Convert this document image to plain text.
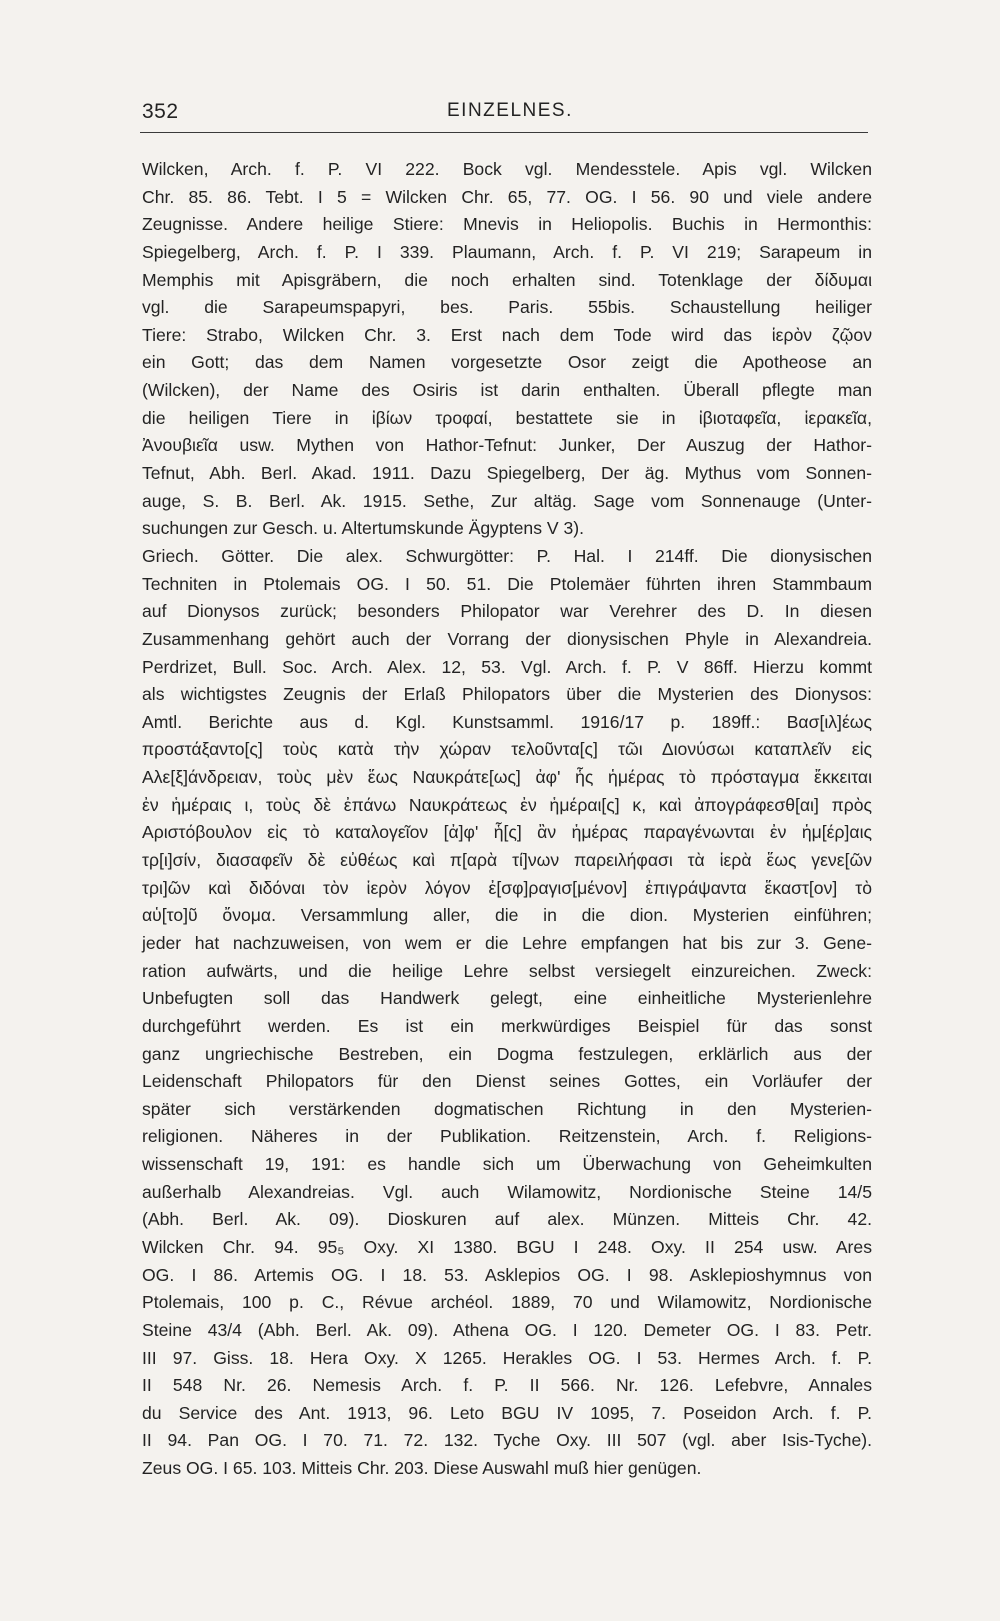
352	EINZELNES.
Wilcken, Arch. f. P. VI 222. Bock vgl. Mendesstele. Apis vgl. Wilcken
Chr. 85. 86. Tebt. I 5 = Wilcken Chr. 65, 77. OG. I 56. 90 und viele andere
Zeugnisse. Andere heilige Stiere: Mnevis in Heliopolis. Buchis in Hermonthis:
Spiegelberg, Arch. f. P. I 339. Plaumann, Arch. f. P. VI 219; Sarapeum in
Memphis mit Apisgräbern, die noch erhalten sind. Totenklage der δίδυμαι
vgl. die Sarapeumspapyri, bes. Paris. 55bis. Schaustellung heiliger
Tiere: Strabo, Wilcken Chr. 3. Erst nach dem Tode wird das ἱερὸν ζῷον
ein Gott; das dem Namen vorgesetzte Osor zeigt die Apotheose an
(Wilcken), der Name des Osiris ist darin enthalten. Überall pflegte man
die heiligen Tiere in ἰβίων τροφαί, bestattete sie in ἰβιοταφεῖα, ἱερακεῖα,
Ἀνουβιεῖα usw. Mythen von Hathor-Tefnut: Junker, Der Auszug der Hathor-
Tefnut, Abh. Berl. Akad. 1911. Dazu Spiegelberg, Der äg. Mythus vom Sonnen-
auge, S. B. Berl. Ak. 1915. Sethe, Zur altäg. Sage vom Sonnenauge (Unter-
suchungen zur Gesch. u. Altertumskunde Ägyptens V 3).
Griech. Götter. Die alex. Schwurgötter: P. Hal. I 214ff. Die dionysischen
Techniten in Ptolemais OG. I 50. 51. Die Ptolemäer führten ihren Stammbaum
auf Dionysos zurück; besonders Philopator war Verehrer des D. In diesen
Zusammenhang gehört auch der Vorrang der dionysischen Phyle in Alexandreia.
Perdrizet, Bull. Soc. Arch. Alex. 12, 53. Vgl. Arch. f. P. V 86ff. Hierzu kommt
als wichtigstes Zeugnis der Erlaß Philopators über die Mysterien des Dionysos:
Amtl. Berichte aus d. Kgl. Kunstsamml. 1916/17 p. 189ff.: Βασ[ιλ]έως
προστάξαντο[ς] τοὺς κατὰ τὴν χώραν τελοῦντα[ς] τῶι Διονύσωι καταπλεῖν εἰς
Αλε[ξ]άνδρειαν, τοὺς μὲν ἕως Ναυκράτε[ως] ἀφ' ἧς ἡμέρας τὸ πρόσταγμα ἔκκειται
ἐν ἡμέραις ι, τοὺς δὲ ἐπάνω Ναυκράτεως ἐν ἡμέραι[ς] κ, καὶ ἀπογράφεσθ[αι] πρὸς
Αριστόβουλον εἰς τὸ καταλογεῖον [ἀ]φ' ἧ[ς] ἂν ἡμέρας παραγένωνται ἐν ἡμ[έρ]αις
τρ[ι]σίν, διασαφεῖν δὲ εὐθέως καὶ π[αρὰ τί]νων παρειλήφασι τὰ ἱερὰ ἕως γενε[ῶν
τρι]ῶν καὶ διδόναι τὸν ἱερὸν λόγον ἐ[σφ]ραγισ[μένον] ἐπιγράψαντα ἕκαστ[ον] τὸ
αὑ[το]ῦ ὄνομα. Versammlung aller, die in die dion. Mysterien einführen;
jeder hat nachzuweisen, von wem er die Lehre empfangen hat bis zur 3. Gene-
ration aufwärts, und die heilige Lehre selbst versiegelt einzureichen. Zweck:
Unbefugten soll das Handwerk gelegt, eine einheitliche Mysterienlehre
durchgeführt werden. Es ist ein merkwürdiges Beispiel für das sonst
ganz ungriechische Bestreben, ein Dogma festzulegen, erklärlich aus der
Leidenschaft Philopators für den Dienst seines Gottes, ein Vorläufer der
später sich verstärkenden dogmatischen Richtung in den Mysterien-
religionen. Näheres in der Publikation. Reitzenstein, Arch. f. Religions-
wissenschaft 19, 191: es handle sich um Überwachung von Geheimkulten
außerhalb Alexandreias. Vgl. auch Wilamowitz, Nordionische Steine 14/5
(Abh. Berl. Ak. 09). Dioskuren auf alex. Münzen. Mitteis Chr. 42.
Wilcken Chr. 94. 95₅ Oxy. XI 1380. BGU I 248. Oxy. II 254 usw. Ares
OG. I 86. Artemis OG. I 18. 53. Asklepios OG. I 98. Asklepioshymnus von
Ptolemais, 100 p. C., Révue archéol. 1889, 70 und Wilamowitz, Nordionische
Steine 43/4 (Abh. Berl. Ak. 09). Athena OG. I 120. Demeter OG. I 83. Petr.
III 97. Giss. 18. Hera Oxy. X 1265. Herakles OG. I 53. Hermes Arch. f. P.
II 548 Nr. 26. Nemesis Arch. f. P. II 566. Nr. 126. Lefebvre, Annales
du Service des Ant. 1913, 96. Leto BGU IV 1095, 7. Poseidon Arch. f. P.
II 94. Pan OG. I 70. 71. 72. 132. Tyche Oxy. III 507 (vgl. aber Isis-Tyche).
Zeus OG. I 65. 103. Mitteis Chr. 203. Diese Auswahl muß hier genügen.
